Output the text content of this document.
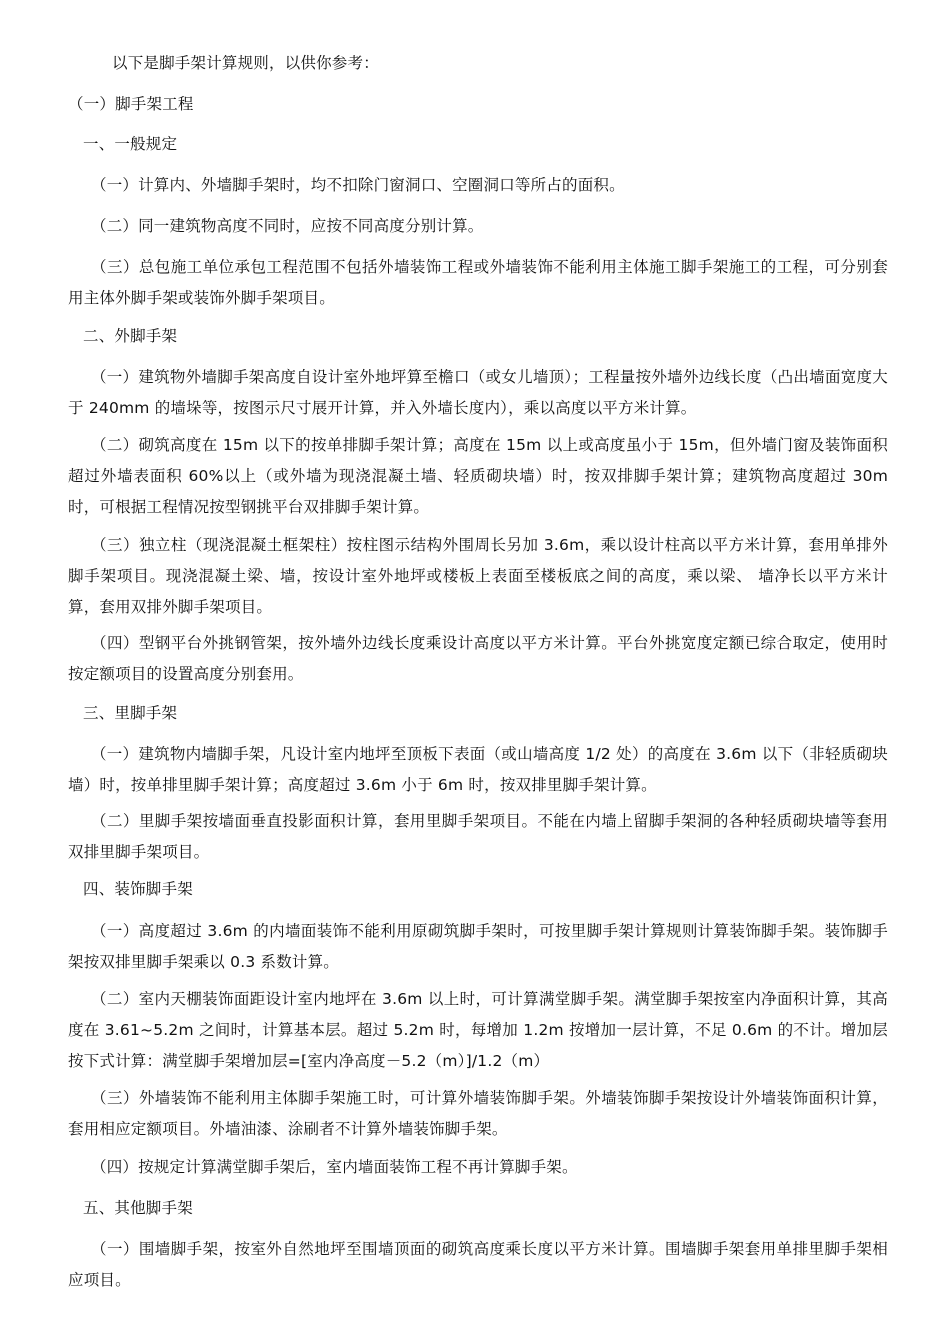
以下是脚手架计算规则，以供你参考：
（一）脚手架工程
一、一般规定
（一）计算内、外墙脚手架时，均不扣除门窗洞口、空圈洞口等所占的面积。
（二）同一建筑物高度不同时，应按不同高度分别计算。
（三）总包施工单位承包工程范围不包括外墙装饰工程或外墙装饰不能利用主体施工脚手架施工的工程，可分别套用主体外脚手架或装饰外脚手架项目。
二、外脚手架
（一）建筑物外墙脚手架高度自设计室外地坪算至檐口（或女儿墙顶）；工程量按外墙外边线长度（凸出墙面宽度大于 240mm 的墙垛等，按图示尺寸展开计算，并入外墙长度内），乘以高度以平方米计算。
（二）砌筑高度在 15m 以下的按单排脚手架计算；高度在 15m 以上或高度虽小于 15m，但外墙门窗及装饰面积超过外墙表面积 60%以上（或外墙为现浇混凝土墙、轻质砌块墙）时，按双排脚手架计算；建筑物高度超过 30m 时，可根据工程情况按型钢挑平台双排脚手架计算。
（三）独立柱（现浇混凝土框架柱）按柱图示结构外围周长另加 3.6m，乘以设计柱高以平方米计算，套用单排外脚手架项目。现浇混凝土梁、墙，按设计室外地坪或楼板上表面至楼板底之间的高度，乘以梁、 墙净长以平方米计算，套用双排外脚手架项目。
（四）型钢平台外挑钢管架，按外墙外边线长度乘设计高度以平方米计算。平台外挑宽度定额已综合取定，使用时按定额项目的设置高度分别套用。
三、里脚手架
（一）建筑物内墙脚手架，凡设计室内地坪至顶板下表面（或山墙高度 1/2 处）的高度在 3.6m 以下（非轻质砌块墙）时，按单排里脚手架计算；高度超过 3.6m 小于 6m 时，按双排里脚手架计算。
（二）里脚手架按墙面垂直投影面积计算，套用里脚手架项目。不能在内墙上留脚手架洞的各种轻质砌块墙等套用双排里脚手架项目。
四、装饰脚手架
（一）高度超过 3.6m 的内墙面装饰不能利用原砌筑脚手架时，可按里脚手架计算规则计算装饰脚手架。装饰脚手架按双排里脚手架乘以 0.3 系数计算。
（二）室内天棚装饰面距设计室内地坪在 3.6m 以上时，可计算满堂脚手架。满堂脚手架按室内净面积计算，其高度在 3.61~5.2m 之间时，计算基本层。超过 5.2m 时，每增加 1.2m 按增加一层计算，不足 0.6m 的不计。增加层按下式计算：满堂脚手架增加层=[室内净高度－5.2（m）]/1.2（m）
（三）外墙装饰不能利用主体脚手架施工时，可计算外墙装饰脚手架。外墙装饰脚手架按设计外墙装饰面积计算，套用相应定额项目。外墙油漆、涂刷者不计算外墙装饰脚手架。
（四）按规定计算满堂脚手架后，室内墙面装饰工程不再计算脚手架。
五、其他脚手架
（一）围墙脚手架，按室外自然地坪至围墙顶面的砌筑高度乘长度以平方米计算。围墙脚手架套用单排里脚手架相应项目。
